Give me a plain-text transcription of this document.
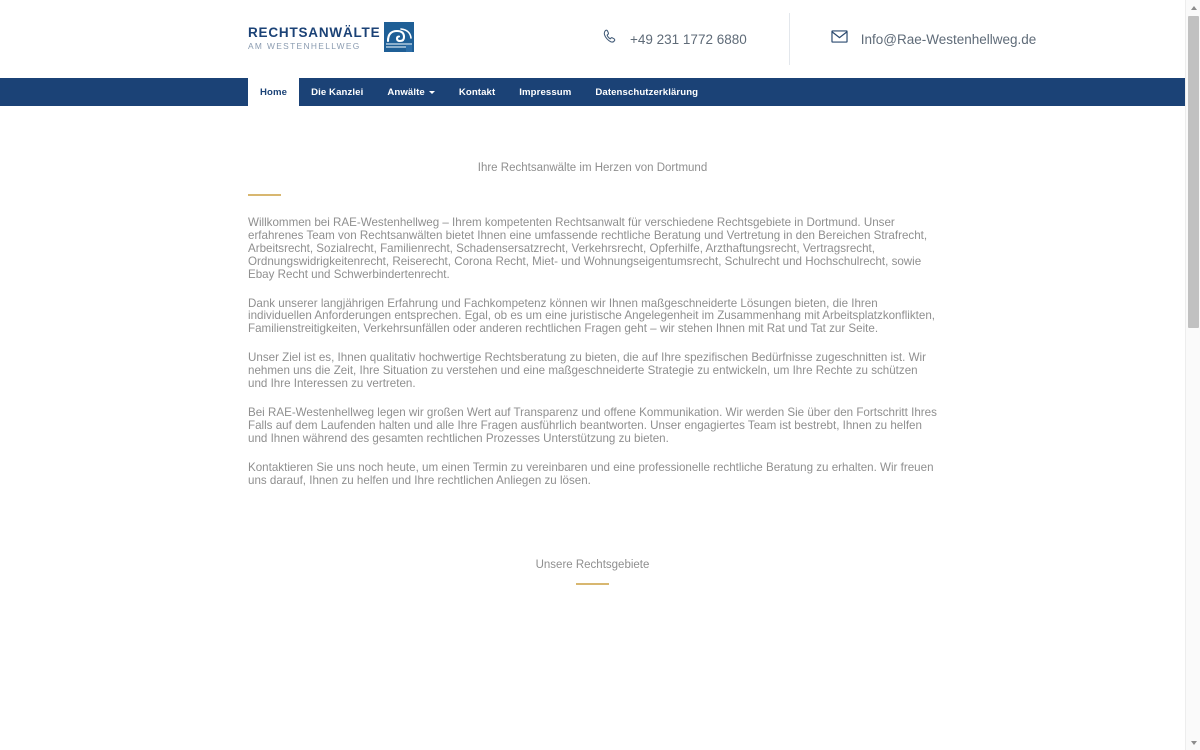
RECHTSANWÄLTE
AM WESTENHELLWEG	+49 231 1772 6880	Info@Rae-Westenhellweg.de
Home	Die Kanzlei	Anwälte	Kontakt	Impressum	Datenschutzerklärung
Ihre Rechtsanwälte im Herzen von Dortmund

Willkommen bei RAE-Westenhellweg – Ihrem kompetenten Rechtsanwalt für verschiedene Rechtsgebiete in Dortmund. Unser erfahrenes Team von Rechtsanwälten bietet Ihnen eine umfassende rechtliche Beratung und Vertretung in den Bereichen Strafrecht, Arbeitsrecht, Sozialrecht, Familienrecht, Schadensersatzrecht, Verkehrsrecht, Opferhilfe, Arzthaftungsrecht, Vertragsrecht, Ordnungswidrigkeitenrecht, Reiserecht, Corona Recht, Miet- und Wohnungseigentumsrecht, Schulrecht und Hochschulrecht, sowie Ebay Recht und Schwerbindertenrecht.

Dank unserer langjährigen Erfahrung und Fachkompetenz können wir Ihnen maßgeschneiderte Lösungen bieten, die Ihren individuellen Anforderungen entsprechen. Egal, ob es um eine juristische Angelegenheit im Zusammenhang mit Arbeitsplatzkonflikten, Familienstreitigkeiten, Verkehrsunfällen oder anderen rechtlichen Fragen geht – wir stehen Ihnen mit Rat und Tat zur Seite.

Unser Ziel ist es, Ihnen qualitativ hochwertige Rechtsberatung zu bieten, die auf Ihre spezifischen Bedürfnisse zugeschnitten ist. Wir nehmen uns die Zeit, Ihre Situation zu verstehen und eine maßgeschneiderte Strategie zu entwickeln, um Ihre Rechte zu schützen und Ihre Interessen zu vertreten.

Bei RAE-Westenhellweg legen wir großen Wert auf Transparenz und offene Kommunikation. Wir werden Sie über den Fortschritt Ihres Falls auf dem Laufenden halten und alle Ihre Fragen ausführlich beantworten. Unser engagiertes Team ist bestrebt, Ihnen zu helfen und Ihnen während des gesamten rechtlichen Prozesses Unterstützung zu bieten.

Kontaktieren Sie uns noch heute, um einen Termin zu vereinbaren und eine professionelle rechtliche Beratung zu erhalten. Wir freuen uns darauf, Ihnen zu helfen und Ihre rechtlichen Anliegen zu lösen.

Unsere Rechtsgebiete
